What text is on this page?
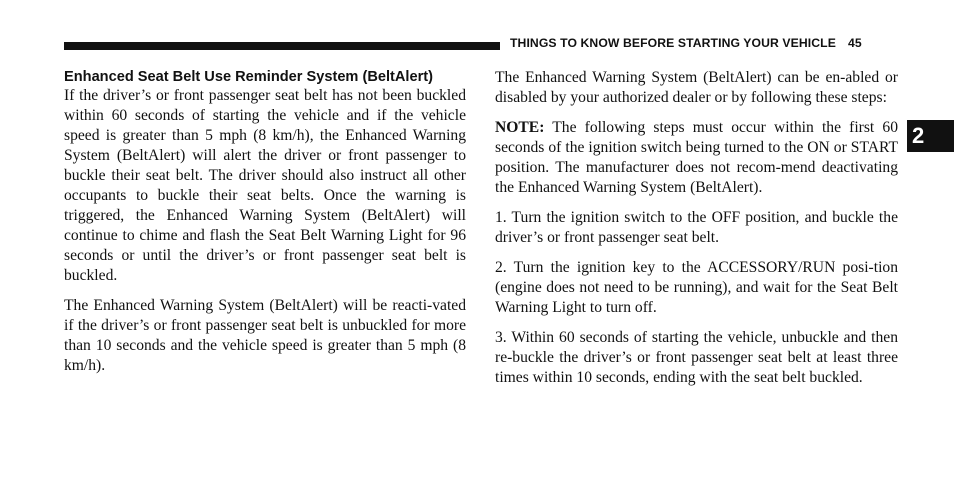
THINGS TO KNOW BEFORE STARTING YOUR VEHICLE 45
2
Enhanced Seat Belt Use Reminder System (BeltAlert)

If the driver’s or front passenger seat belt has not been buckled within 60 seconds of starting the vehicle and if the vehicle speed is greater than 5 mph (8 km/h), the Enhanced Warning System (BeltAlert) will alert the driver or front passenger to buckle their seat belt. The driver should also instruct all other occupants to buckle their seat belts. Once the warning is triggered, the Enhanced Warning System (BeltAlert) will continue to chime and flash the Seat Belt Warning Light for 96 seconds or until the driver’s or front passenger seat belt is buckled.

The Enhanced Warning System (BeltAlert) will be reacti-vated if the driver’s or front passenger seat belt is unbuckled for more than 10 seconds and the vehicle speed is greater than 5 mph (8 km/h).

The Enhanced Warning System (BeltAlert) can be en-abled or disabled by your authorized dealer or by following these steps:

NOTE: The following steps must occur within the first 60 seconds of the ignition switch being turned to the ON or START position. The manufacturer does not recom-mend deactivating the Enhanced Warning System (BeltAlert).

1. Turn the ignition switch to the OFF position, and buckle the driver’s or front passenger seat belt.

2. Turn the ignition key to the ACCESSORY/RUN posi-tion (engine does not need to be running), and wait for the Seat Belt Warning Light to turn off.

3. Within 60 seconds of starting the vehicle, unbuckle and then re-buckle the driver’s or front passenger seat belt at least three times within 10 seconds, ending with the seat belt buckled.
